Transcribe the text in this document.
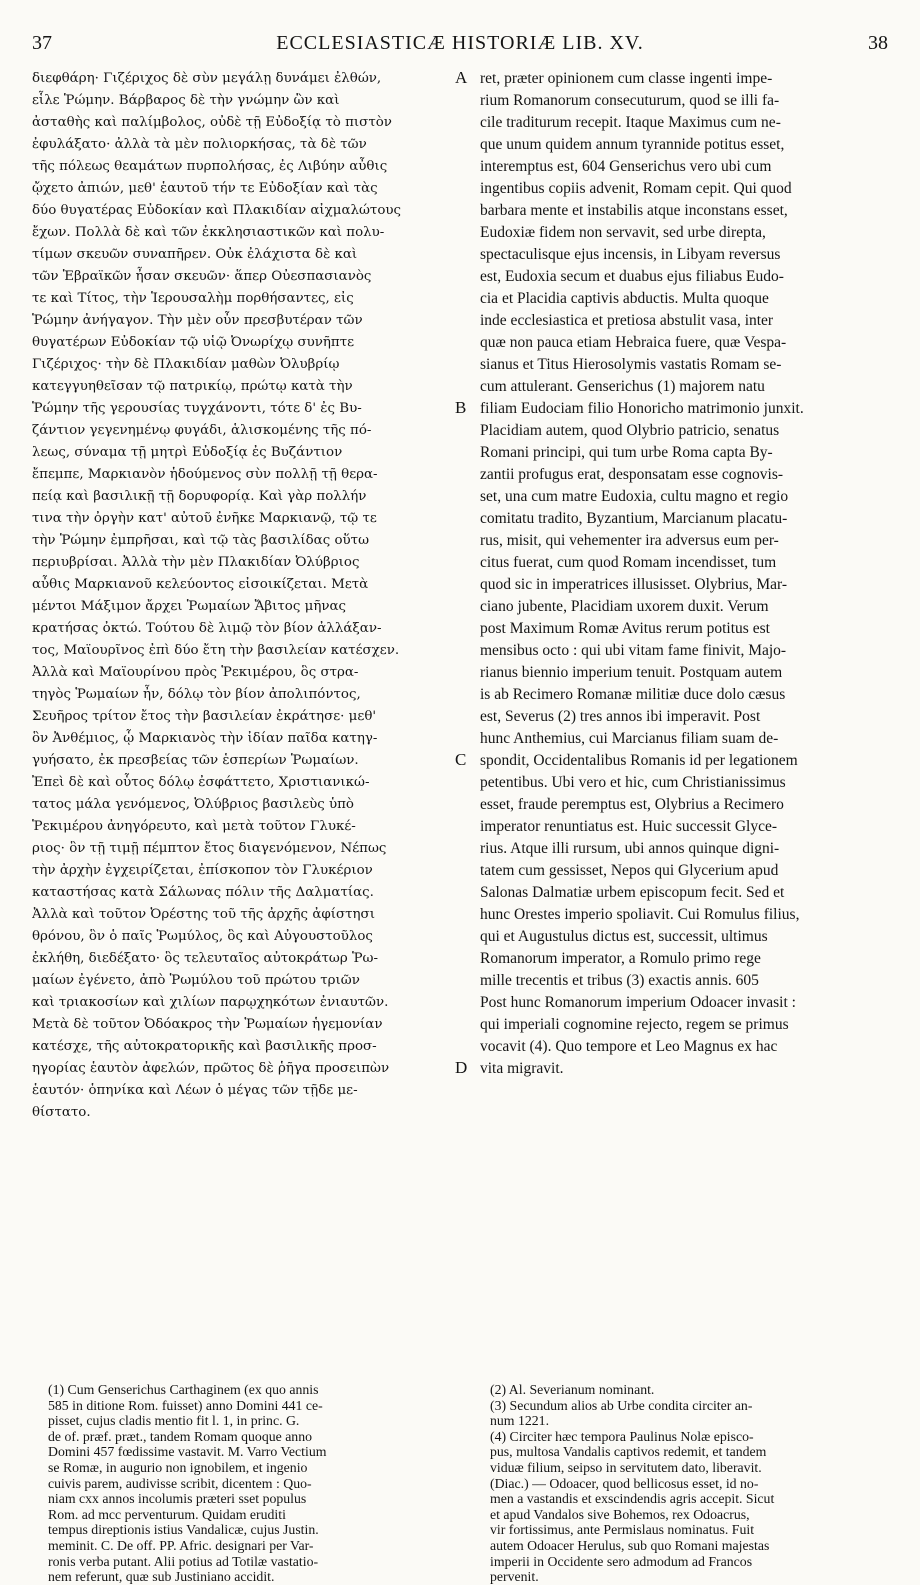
37	ECCLESIASTICÆ HISTORIÆ LIB. XV.	38
διεφθάρη· Γιζέριχος δὲ σὺν μεγάλῃ δυνάμει ἐλθών,
εἷλε Ῥώμην. Βάρβαρος δὲ τὴν γνώμην ὢν καὶ
ἀσταθὴς καὶ παλίμβολος, οὐδὲ τῇ Εὐδοξίᾳ τὸ πιστὸν
ἐφυλάξατο· ἀλλὰ τὰ μὲν πολιορκήσας, τὰ δὲ τῶν
τῆς πόλεως θεαμάτων πυρπολήσας, ἐς Λιβύην αὖθις
ᾤχετο ἀπιών, μεθ' ἑαυτοῦ τήν τε Εὐδοξίαν καὶ τὰς
δύο θυγατέρας Εὐδοκίαν καὶ Πλακιδίαν αἰχμαλώτους
ἔχων. Πολλὰ δὲ καὶ τῶν ἐκκλησιαστικῶν καὶ πολυ-
τίμων σκευῶν συναπῆρεν. Οὐκ ἐλάχιστα δὲ καὶ
τῶν Ἑβραϊκῶν ἦσαν σκευῶν· ἅπερ Οὐεσπασιανὸς
τε καὶ Τίτος, τὴν Ἱερουσαλὴμ πορθήσαντες, εἰς
Ῥώμην ἀνήγαγον. Τὴν μὲν οὖν πρεσβυτέραν τῶν
θυγατέρων Εὐδοκίαν τῷ υἱῷ Ὀνωρίχῳ συνῆπτε
Γιζέριχος· τὴν δὲ Πλακιδίαν μαθὼν Ὀλυβρίῳ
κατεγγυηθεῖσαν τῷ πατρικίῳ, πρώτῳ κατὰ τὴν
Ῥώμην τῆς γερουσίας τυγχάνοντι, τότε δ' ἐς Βυ-
ζάντιον γεγενημένῳ φυγάδι, ἁλισκομένης τῆς πό-
λεως, σύναμα τῇ μητρὶ Εὐδοξίᾳ ἐς Βυζάντιον
ἔπεμπε, Μαρκιανὸν ἡδούμενος σὺν πολλῇ τῇ θερα-
πείᾳ καὶ βασιλικῇ τῇ δορυφορίᾳ. Καὶ γὰρ πολλήν
τινα τὴν ὀργὴν κατ' αὐτοῦ ἐνῆκε Μαρκιανῷ, τῷ τε
τὴν Ῥώμην ἐμπρῆσαι, καὶ τῷ τὰς βασιλίδας οὕτω
περιυβρίσαι. Ἀλλὰ τὴν μὲν Πλακιδίαν Ὀλύβριος
αὖθις Μαρκιανοῦ κελεύοντος εἰσοικίζεται. Μετὰ
μέντοι Μάξιμον ἄρχει Ῥωμαίων Ἄβιτος μῆνας
κρατήσας ὀκτώ. Τούτου δὲ λιμῷ τὸν βίον ἀλλάξαν-
τος, Μαϊουρῖνος ἐπὶ δύο ἔτη τὴν βασιλείαν κατέσχεν.
Ἀλλὰ καὶ Μαϊουρίνου πρὸς Ῥεκιμέρου, ὃς στρα-
τηγὸς Ῥωμαίων ἦν, δόλῳ τὸν βίον ἀπολιπόντος,
Σευῆρος τρίτον ἔτος τὴν βασιλείαν ἐκράτησε· μεθ'
ὃν Ἀνθέμιος, ᾧ Μαρκιανὸς τὴν ἰδίαν παῖδα κατηγ-
γυήσατο, ἐκ πρεσβείας τῶν ἑσπερίων Ῥωμαίων.
Ἐπεὶ δὲ καὶ οὗτος δόλῳ ἐσφάττετο, Χριστιανικώ-
τατος μάλα γενόμενος, Ὀλύβριος βασιλεὺς ὑπὸ
Ῥεκιμέρου ἀνηγόρευτο, καὶ μετὰ τοῦτον Γλυκέ-
ριος· ὃν τῇ τιμῇ πέμπτον ἔτος διαγενόμενον, Νέπως
τὴν ἀρχὴν ἐγχειρίζεται, ἐπίσκοπον τὸν Γλυκέριον
καταστήσας κατὰ Σάλωνας πόλιν τῆς Δαλματίας.
Ἀλλὰ καὶ τοῦτον Ὀρέστης τοῦ τῆς ἀρχῆς ἀφίστησι
θρόνου, ὃν ὁ παῖς Ῥωμύλος, ὃς καὶ Αὐγουστοῦλος
ἐκλήθη, διεδέξατο· ὃς τελευταῖος αὐτοκράτωρ Ῥω-
μαίων ἐγένετο, ἀπὸ Ῥωμύλου τοῦ πρώτου τριῶν
καὶ τριακοσίων καὶ χιλίων παρῳχηκότων ἐνιαυτῶν.
Μετὰ δὲ τοῦτον Ὀδόακρος τὴν Ῥωμαίων ἡγεμονίαν
κατέσχε, τῆς αὐτοκρατορικῆς καὶ βασιλικῆς προσ-
ηγορίας ἑαυτὸν ἀφελών, πρῶτος δὲ ῥῆγα προσειπὼν
ἑαυτόν· ὁπηνίκα καὶ Λέων ὁ μέγας τῶν τῇδε με-
θίστατο.
ret, præter opinionem cum classe ingenti impe-
rium Romanorum consecuturum, quod se illi fa-
cile traditurum recepit. Itaque Maximus cum ne-
que unum quidem annum tyrannide potitus esset,
interemptus est, 604 Genserichus vero ubi cum
ingentibus copiis advenit, Romam cepit. Qui quod
barbara mente et instabilis atque inconstans esset,
Eudoxiæ fidem non servavit, sed urbe direpta,
spectaculisque ejus incensis, in Libyam reversus
est, Eudoxia secum et duabus ejus filiabus Eudo-
cia et Placidia captivis abductis. Multa quoque
inde ecclesiastica et pretiosa abstulit vasa, inter
quæ non pauca etiam Hebraica fuere, quæ Vespa-
sianus et Titus Hierosolymis vastatis Romam se-
cum attulerant. Genserichus (1) majorem natu
filiam Eudociam filio Honoricho matrimonio junxit.
Placidiam autem, quod Olybrio patricio, senatus
Romani principi, qui tum urbe Roma capta By-
zantii profugus erat, desponsatam esse cognovis-
set, una cum matre Eudoxia, cultu magno et regio
comitatu tradito, Byzantium, Marcianum placatu-
rus, misit, qui vehementer ira adversus eum per-
citus fuerat, cum quod Romam incendisset, tum
quod sic in imperatrices illusisset. Olybrius, Mar-
ciano jubente, Placidiam uxorem duxit. Verum
post Maximum Romæ Avitus rerum potitus est
mensibus octo : qui ubi vitam fame finivit, Majo-
rianus biennio imperium tenuit. Postquam autem
is ab Recimero Romanæ militiæ duce dolo cæsus
est, Severus (2) tres annos ibi imperavit. Post
hunc Anthemius, cui Marcianus filiam suam de-
spondit, Occidentalibus Romanis id per legationem
petentibus. Ubi vero et hic, cum Christianissimus
esset, fraude peremptus est, Olybrius a Recimero
imperator renuntiatus est. Huic successit Glyce-
rius. Atque illi rursum, ubi annos quinque digni-
tatem cum gessisset, Nepos qui Glycerium apud
Salonas Dalmatiæ urbem episcopum fecit. Sed et
hunc Orestes imperio spoliavit. Cui Romulus filius,
qui et Augustulus dictus est, successit, ultimus
Romanorum imperator, a Romulo primo rege
mille trecentis et tribus (3) exactis annis. 605
Post hunc Romanorum imperium Odoacer invasit :
qui imperiali cognomine rejecto, regem se primus
vocavit (4). Quo tempore et Leo Magnus ex hac
vita migravit.
A
B
C
D
(1) Cum Genserichus Carthaginem (ex quo annis
585 in ditione Rom. fuisset) anno Domini 441 ce-
pisset, cujus cladis mentio fit l. 1, in princ. G.
de of. præf. præt., tandem Romam quoque anno
Domini 457 fœdissime vastavit. M. Varro Vectium
se Romæ, in augurio non ignobilem, et ingenio
cuivis parem, audivisse scribit, dicentem : Quo-
niam cxx annos incolumis præteri sset populus
Rom. ad mcc perventurum. Quidam eruditi
tempus direptionis istius Vandalicæ, cujus Justin.
meminit. C. De off. PP. Afric. designari per Var-
ronis verba putant. Alii potius ad Totilæ vastatio-
nem referunt, quæ sub Justiniano accidit.
(2) Al. Severianum nominant.
(3) Secundum alios ab Urbe condita circiter an-
num 1221.
(4) Circiter hæc tempora Paulinus Nolæ episco-
pus, multosa Vandalis captivos redemit, et tandem
viduæ filium, seipso in servitutem dato, liberavit.
(Diac.) — Odoacer, quod bellicosus esset, id no-
men a vastandis et exscindendis agris accepit. Sicut
et apud Vandalos sive Bohemos, rex Odoacrus,
vir fortissimus, ante Permislaus nominatus. Fuit
autem Odoacer Herulus, sub quo Romani majestas
imperii in Occidente sero admodum ad Francos
pervenit.
